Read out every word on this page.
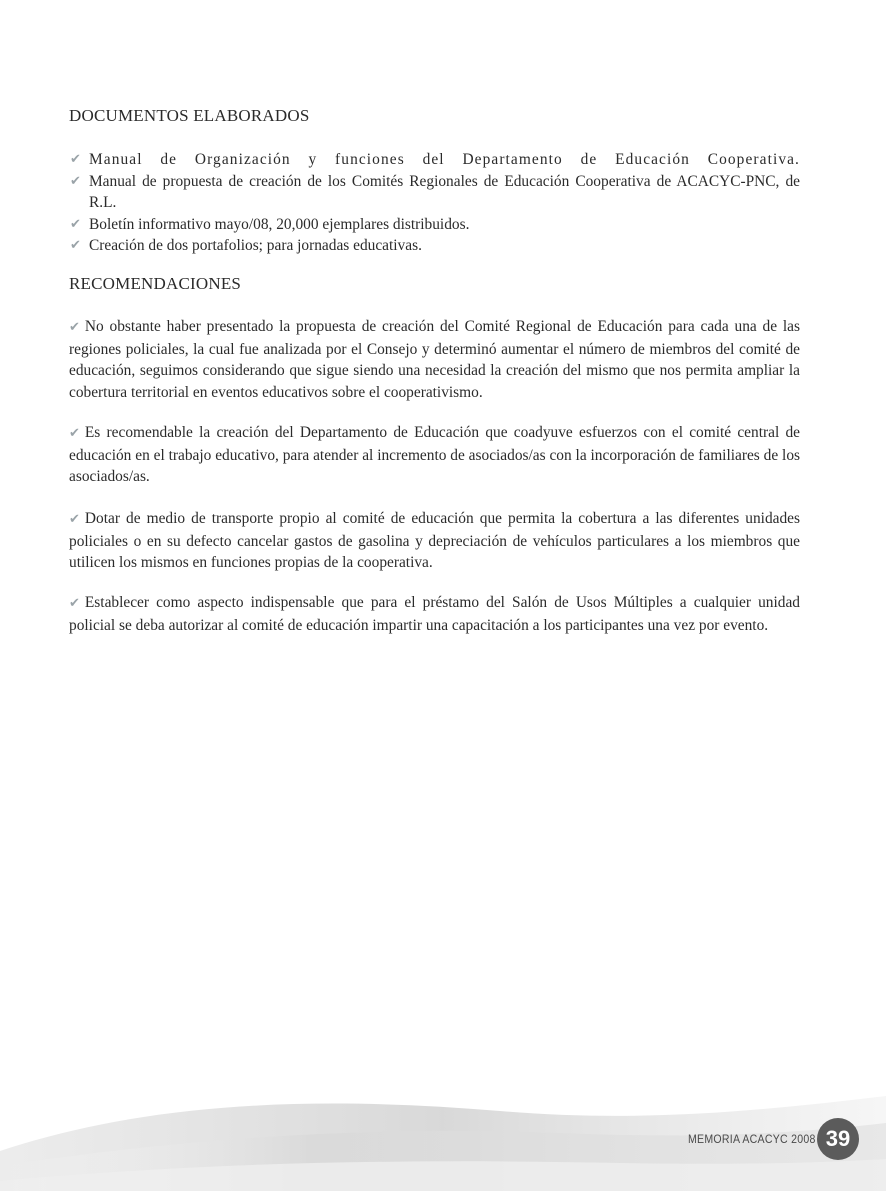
DOCUMENTOS ELABORADOS
✔ Manual de Organización y funciones del Departamento de Educación Cooperativa.
✔ Manual de propuesta de creación de los Comités Regionales de Educación Cooperativa de ACACYC-PNC, de R.L.
✔ Boletín informativo mayo/08, 20,000 ejemplares distribuidos.
✔ Creación de dos portafolios; para jornadas educativas.
RECOMENDACIONES

✔ No obstante haber presentado la propuesta de creación del Comité Regional de Educación para cada una de las regiones policiales, la cual fue analizada por el Consejo y determinó aumentar el número de miembros del comité de educación, seguimos considerando que sigue siendo una necesidad la creación del mismo que nos permita ampliar la cobertura territorial en eventos educativos sobre el cooperativismo.

✔ Es recomendable la creación del Departamento de Educación que coadyuve esfuerzos con el comité central de educación en el trabajo educativo, para atender al incremento de asociados/as con la incorporación de familiares de los asociados/as.

✔ Dotar de medio de transporte propio al comité de educación que permita la cobertura a las diferentes unidades policiales o en su defecto cancelar gastos de gasolina y depreciación de vehículos particulares a los miembros que utilicen los mismos en funciones propias de la cooperativa.

✔ Establecer como aspecto indispensable que para el préstamo del Salón de Usos Múltiples a cualquier unidad policial se deba autorizar al comité de educación impartir una capacitación a los participantes una vez por evento.

MEMORIA ACACYC 2008 39
